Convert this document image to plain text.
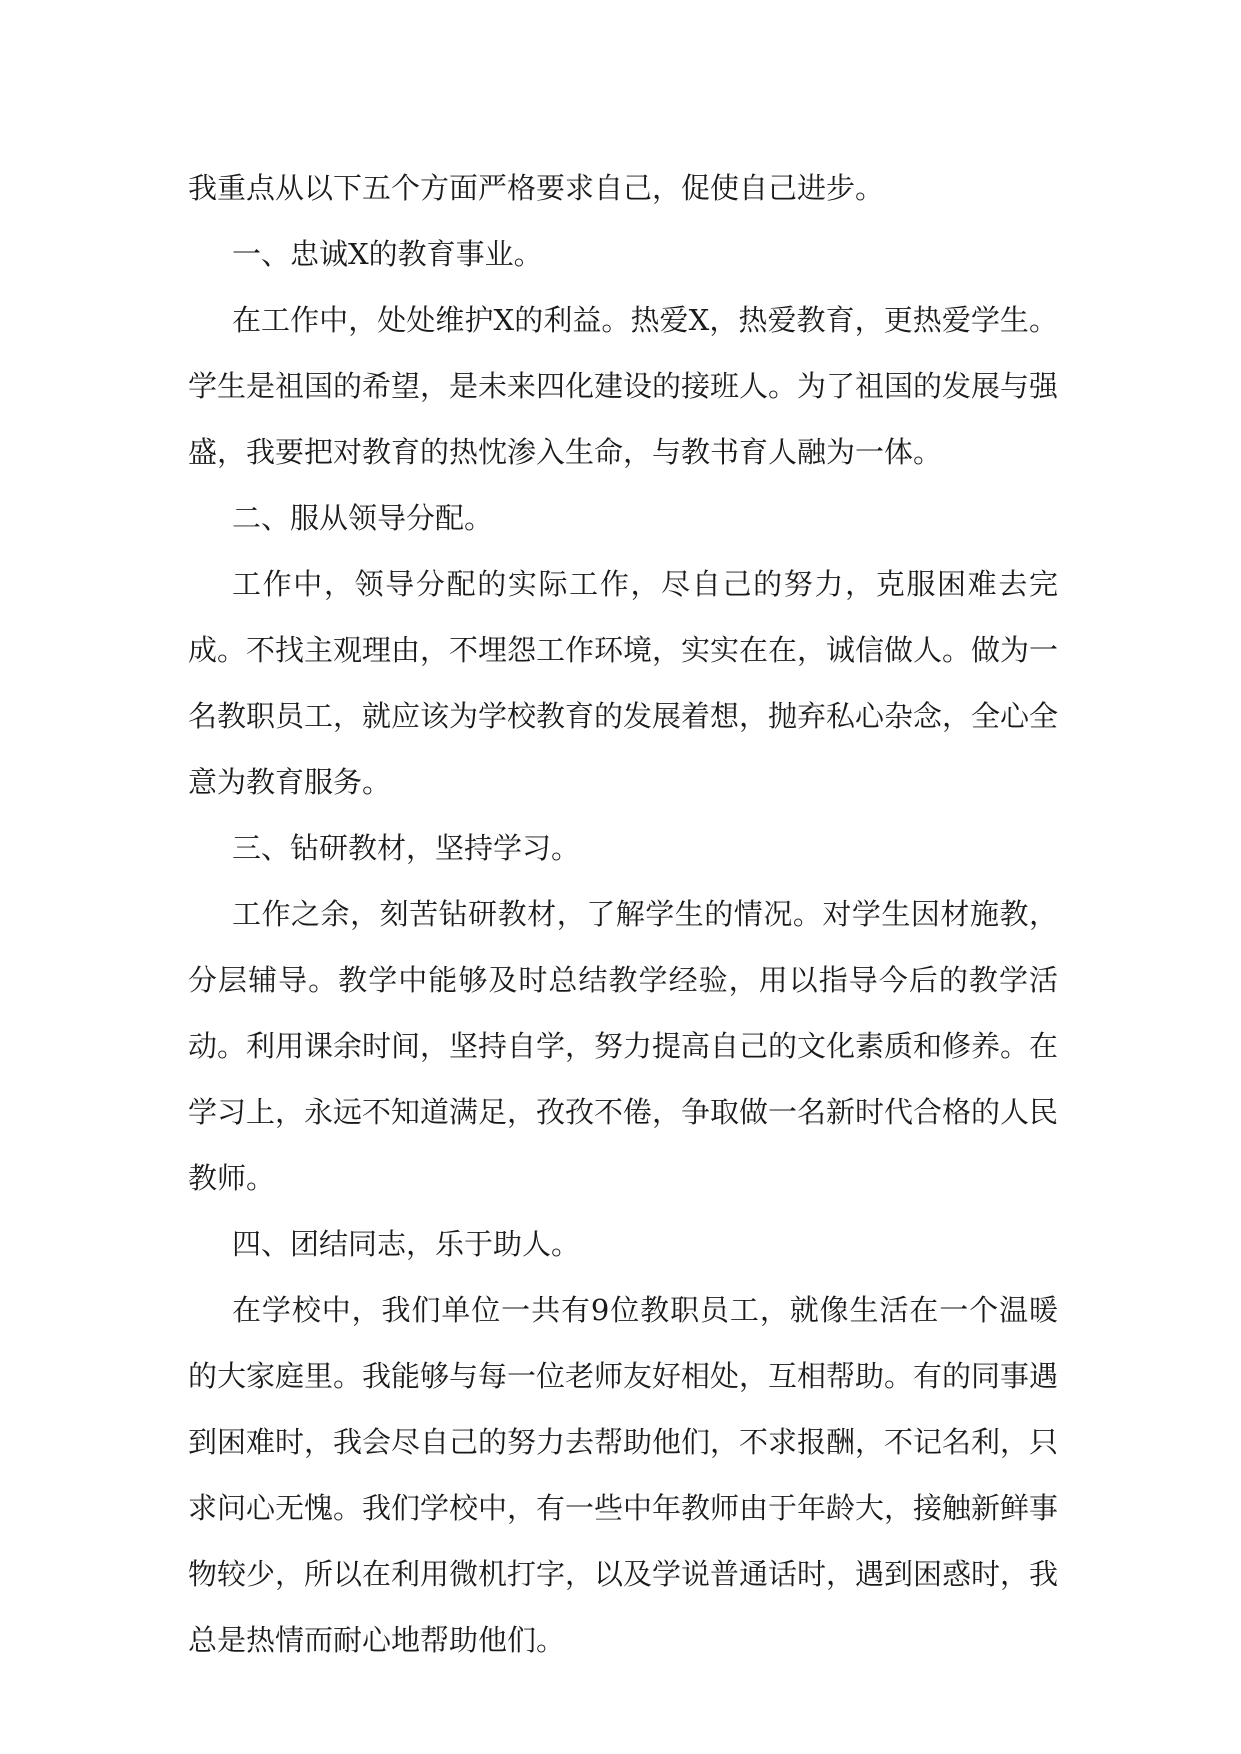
我重点从以下五个方面严格要求自己，促使自己进步。

一、忠诚X的教育事业。

在工作中，处处维护X的利益。热爱X，热爱教育，更热爱学生。学生是祖国的希望，是未来四化建设的接班人。为了祖国的发展与强盛，我要把对教育的热忱渗入生命，与教书育人融为一体。

二、服从领导分配。

工作中，领导分配的实际工作，尽自己的努力，克服困难去完成。不找主观理由，不埋怨工作环境，实实在在，诚信做人。做为一名教职员工，就应该为学校教育的发展着想，抛弃私心杂念，全心全意为教育服务。

三、钻研教材，坚持学习。

工作之余，刻苦钻研教材，了解学生的情况。对学生因材施教，分层辅导。教学中能够及时总结教学经验，用以指导今后的教学活动。利用课余时间，坚持自学，努力提高自己的文化素质和修养。在学习上，永远不知道满足，孜孜不倦，争取做一名新时代合格的人民教师。

四、团结同志，乐于助人。

在学校中，我们单位一共有9位教职员工，就像生活在一个温暖的大家庭里。我能够与每一位老师友好相处，互相帮助。有的同事遇到困难时，我会尽自己的努力去帮助他们，不求报酬，不记名利，只求问心无愧。我们学校中，有一些中年教师由于年龄大，接触新鲜事物较少，所以在利用微机打字，以及学说普通话时，遇到困惑时，我总是热情而耐心地帮助他们。
